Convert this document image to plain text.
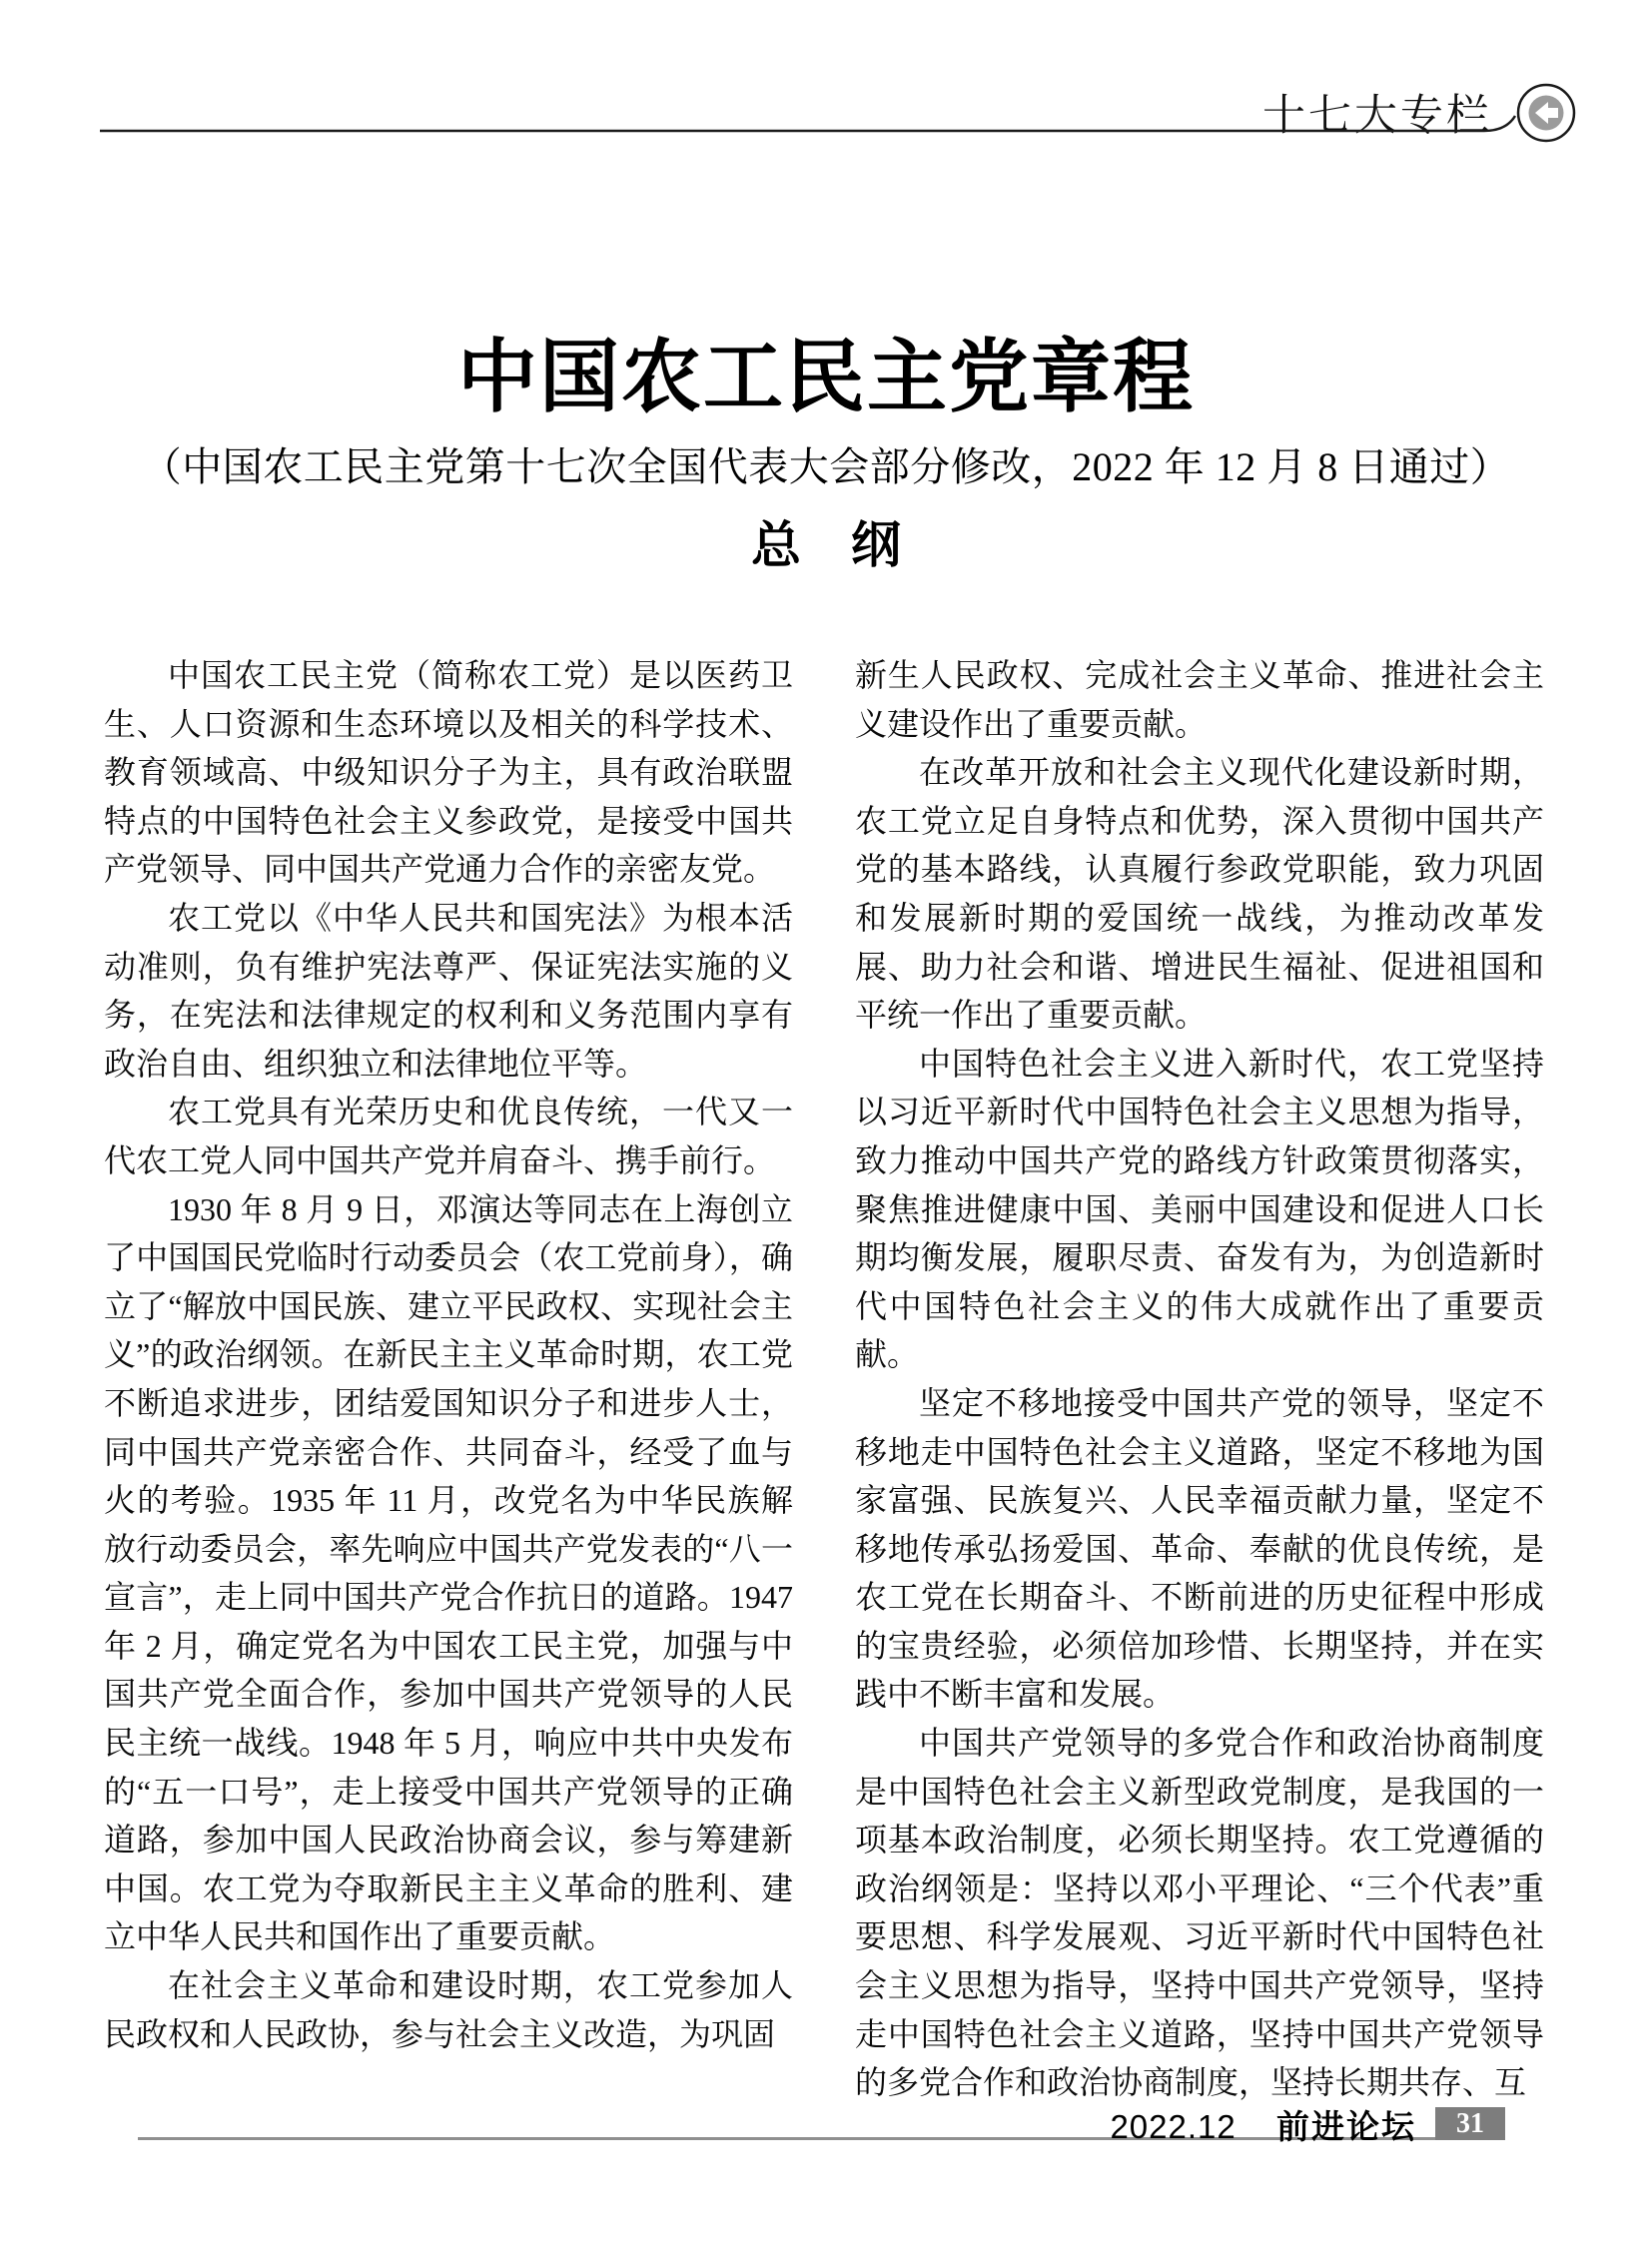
十七大专栏
中国农工民主党章程
（中国农工民主党第十七次全国代表大会部分修改，2022 年 12 月 8 日通过）
总　纲

中国农工民主党（简称农工党）是以医药卫生、人口资源和生态环境以及相关的科学技术、教育领域高、中级知识分子为主，具有政治联盟特点的中国特色社会主义参政党，是接受中国共产党领导、同中国共产党通力合作的亲密友党。

农工党以《中华人民共和国宪法》为根本活动准则，负有维护宪法尊严、保证宪法实施的义务，在宪法和法律规定的权利和义务范围内享有政治自由、组织独立和法律地位平等。

农工党具有光荣历史和优良传统，一代又一代农工党人同中国共产党并肩奋斗、携手前行。

1930 年 8 月 9 日，邓演达等同志在上海创立了中国国民党临时行动委员会（农工党前身），确立了“解放中国民族、建立平民政权、实现社会主义”的政治纲领。在新民主主义革命时期，农工党不断追求进步，团结爱国知识分子和进步人士，同中国共产党亲密合作、共同奋斗，经受了血与火的考验。1935 年 11 月，改党名为中华民族解放行动委员会，率先响应中国共产党发表的“八一宣言”，走上同中国共产党合作抗日的道路。1947 年 2 月，确定党名为中国农工民主党，加强与中国共产党全面合作，参加中国共产党领导的人民民主统一战线。1948 年 5 月，响应中共中央发布的“五一口号”，走上接受中国共产党领导的正确道路，参加中国人民政治协商会议，参与筹建新中国。农工党为夺取新民主主义革命的胜利、建立中华人民共和国作出了重要贡献。

在社会主义革命和建设时期，农工党参加人民政权和人民政协，参与社会主义改造，为巩固

新生人民政权、完成社会主义革命、推进社会主义建设作出了重要贡献。

在改革开放和社会主义现代化建设新时期，农工党立足自身特点和优势，深入贯彻中国共产党的基本路线，认真履行参政党职能，致力巩固和发展新时期的爱国统一战线，为推动改革发展、助力社会和谐、增进民生福祉、促进祖国和平统一作出了重要贡献。

中国特色社会主义进入新时代，农工党坚持以习近平新时代中国特色社会主义思想为指导，致力推动中国共产党的路线方针政策贯彻落实，聚焦推进健康中国、美丽中国建设和促进人口长期均衡发展，履职尽责、奋发有为，为创造新时代中国特色社会主义的伟大成就作出了重要贡献。

坚定不移地接受中国共产党的领导，坚定不移地走中国特色社会主义道路，坚定不移地为国家富强、民族复兴、人民幸福贡献力量，坚定不移地传承弘扬爱国、革命、奉献的优良传统，是农工党在长期奋斗、不断前进的历史征程中形成的宝贵经验，必须倍加珍惜、长期坚持，并在实践中不断丰富和发展。

中国共产党领导的多党合作和政治协商制度是中国特色社会主义新型政党制度，是我国的一项基本政治制度，必须长期坚持。农工党遵循的政治纲领是：坚持以邓小平理论、“三个代表”重要思想、科学发展观、习近平新时代中国特色社会主义思想为指导，坚持中国共产党领导，坚持走中国特色社会主义道路，坚持中国共产党领导的多党合作和政治协商制度，坚持长期共存、互

2022.12 前进论坛	31
